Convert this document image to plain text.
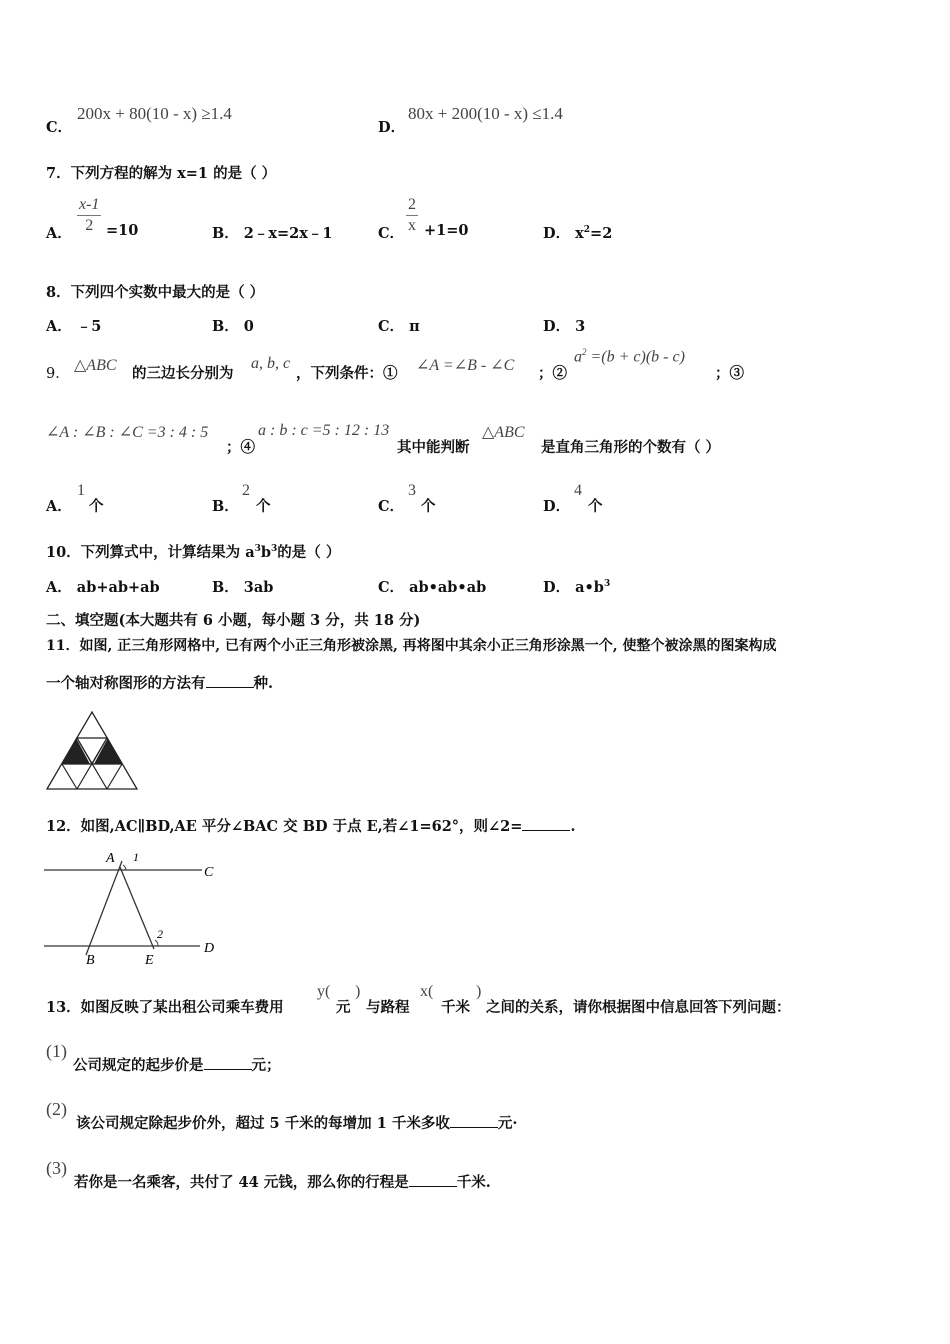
C．
200x + 80(10 - x) ≥1.4
D．
80x + 200(10 - x) ≤1.4
7．下列方程的解为 x=1 的是（ ）
A．
x-1
2 =10	B． 2﹣x=2x﹣1	C．
2
x +1=0	D． $x^2=2$
8．下列四个实数中最大的是（ ）
A． ﹣5	B． 0	C． π	D． 3
9． △ABC 的三边长分别为
a, b, c
，下列条件：① ∠A =∠B - ∠C ；②
$a^2 =(b + c)(b - c)$
；③
∠A : ∠B : ∠C =3 : 4 : 5
；④
a : b : c =5 : 12 : 13
其中能判断
△ABC
是直角三角形的个数有（ ）
A．
1
个	B．
2
个	C．
3
个	D．
4
个
10．下列算式中，计算结果为 $a^3b^3$的是（ ）
A． ab+ab+ab	B． 3ab	C． ab•ab•ab	D． $a•b^3$
二、填空题(本大题共有 6 小题，每小题 3 分，共 18 分)
11．如图, 正三角形网格中, 已有两个小正三角形被涂黑, 再将图中其余小正三角形涂黑一个, 使整个被涂黑的图案构成
一个轴对称图形的方法有	种.
12．如图,AC∥BD,AE 平分∠BAC 交 BD 于点 E,若∠1=62°，则∠2=	.
A 1
C
2
D
B	E
13．如图反映了某出租公司乘车费用
y(
元
)
与路程
x(
千米
)
之间的关系，请你根据图中信息回答下列问题：
(1)
公司规定的起步价是	元；
(2)
该公司规定除起步价外，超过 5 千米的每增加 1 千米多收	元·
(3)
若你是一名乘客，共付了 44 元钱，那么你的行程是	千米.
